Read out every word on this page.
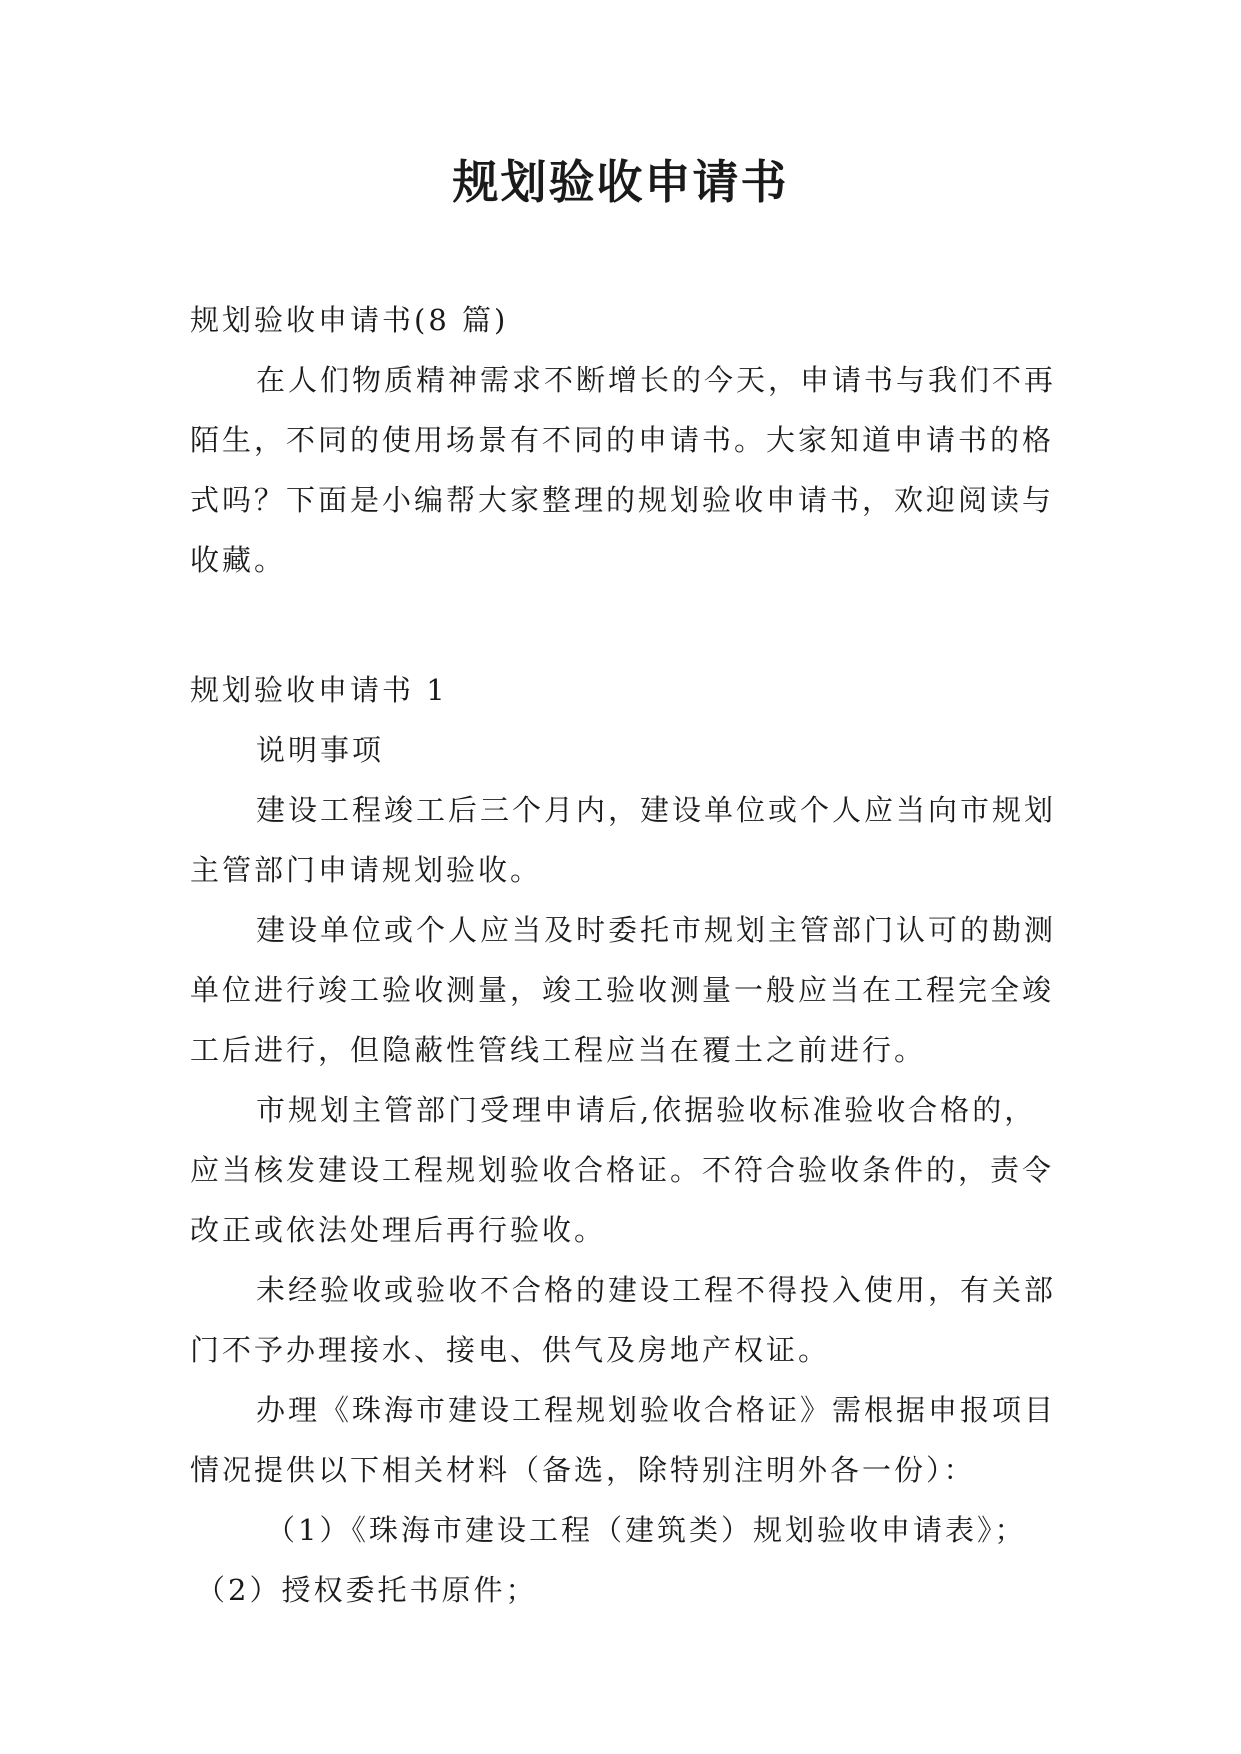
规划验收申请书

规划验收申请书(8 篇)

在人们物质精神需求不断增长的今天，申请书与我们不再陌生，不同的使用场景有不同的申请书。大家知道申请书的格式吗？下面是小编帮大家整理的规划验收申请书，欢迎阅读与收藏。

规划验收申请书 1

说明事项

建设工程竣工后三个月内，建设单位或个人应当向市规划主管部门申请规划验收。

建设单位或个人应当及时委托市规划主管部门认可的勘测单位进行竣工验收测量，竣工验收测量一般应当在工程完全竣工后进行，但隐蔽性管线工程应当在覆土之前进行。

市规划主管部门受理申请后,依据验收标准验收合格的，应当核发建设工程规划验收合格证。不符合验收条件的，责令改正或依法处理后再行验收。

未经验收或验收不合格的建设工程不得投入使用，有关部门不予办理接水、接电、供气及房地产权证。

办理《珠海市建设工程规划验收合格证》需根据申报项目情况提供以下相关材料（备选，除特别注明外各一份）：

（1）《珠海市建设工程（建筑类）规划验收申请表》；

（2）授权委托书原件；
